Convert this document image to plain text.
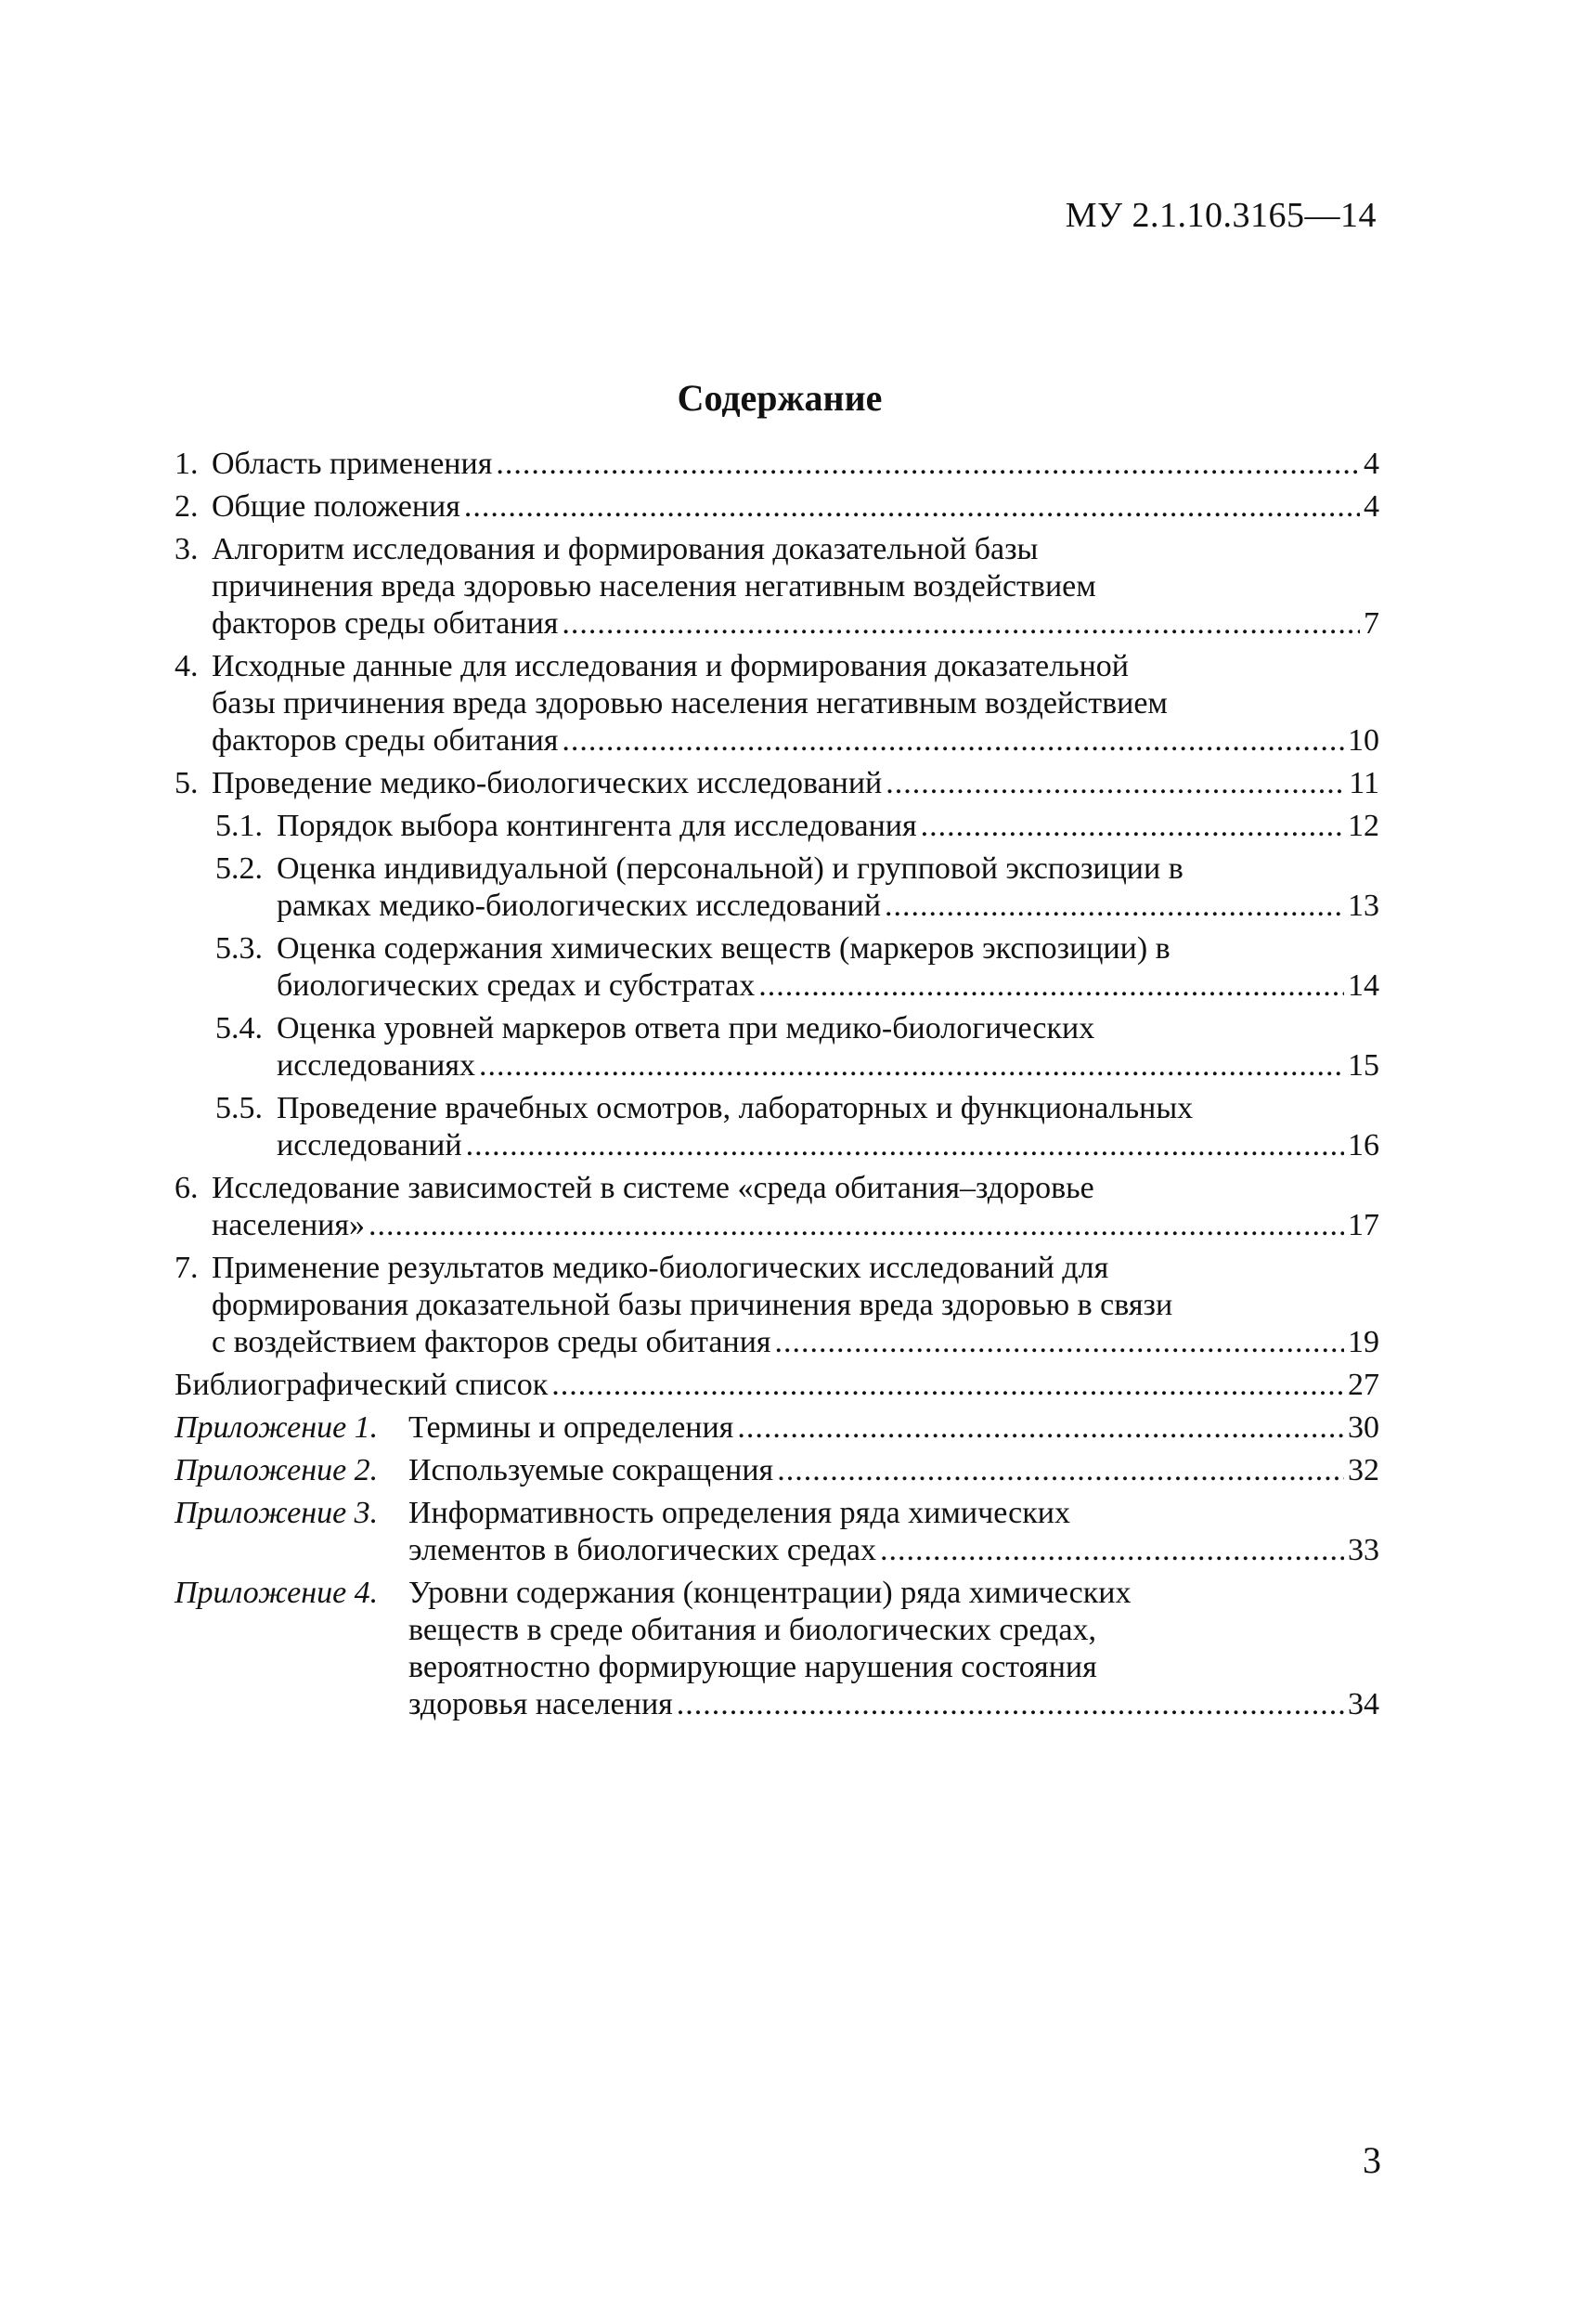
МУ 2.1.10.3165—14
Содержание
1. Область применения .....	4
2. Общие положения .....	4
3. Алгоритм исследования и формирования доказательной базы
причинения вреда здоровью населения негативным воздействием
факторов среды обитания .....	7
4. Исходные данные для исследования и формирования доказательной
базы причинения вреда здоровью населения негативным воздействием
факторов среды обитания .....	10
5. Проведение медико-биологических исследований .....	11
5.1. Порядок выбора контингента для исследования .....	12
5.2. Оценка индивидуальной (персональной) и групповой экспозиции в
рамках медико-биологических исследований .....	13
5.3. Оценка содержания химических веществ (маркеров экспозиции) в
биологических средах и субстратах .....	14
5.4. Оценка уровней маркеров ответа при медико-биологических
исследованиях .....	15
5.5. Проведение врачебных осмотров, лабораторных и функциональных
исследований .....	16
6. Исследование зависимостей в системе «среда обитания–здоровье
населения» .....	17
7. Применение результатов медико-биологических исследований для
формирования доказательной базы причинения вреда здоровью в связи
с воздействием факторов среды обитания .....	19
Библиографический список .....	27
Приложение 1. Термины и определения .....	30
Приложение 2. Используемые сокращения .....	32
Приложение 3. Информативность определения ряда химических
элементов в биологических средах .....	33
Приложение 4. Уровни содержания (концентрации) ряда химических
веществ в среде обитания и биологических средах,
вероятностно формирующие нарушения состояния
здоровья населения .....	34
3
